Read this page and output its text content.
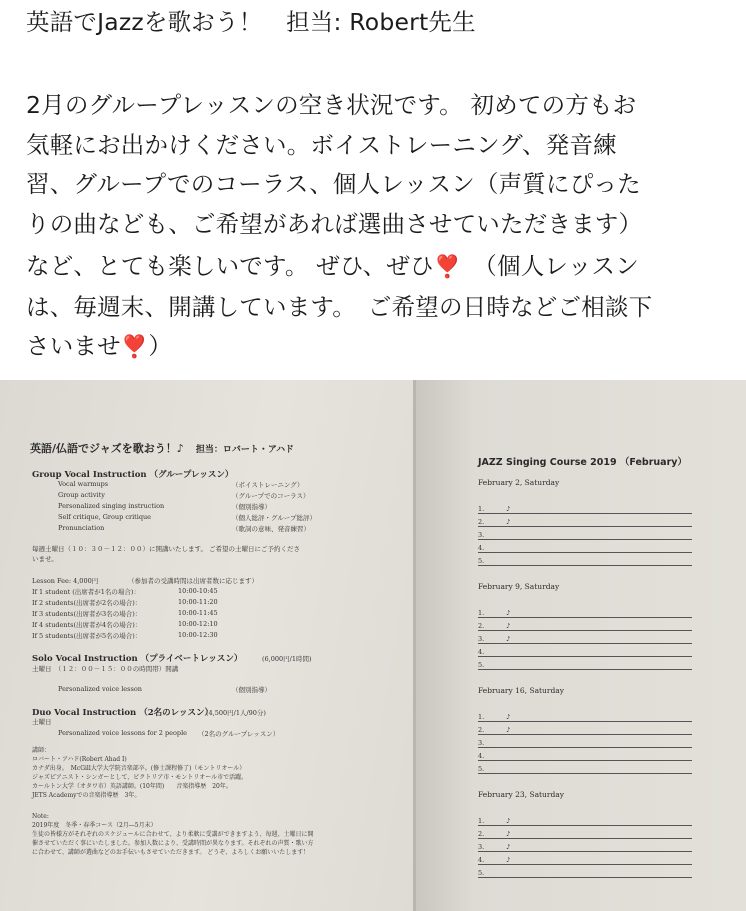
英語でJazzを歌おう！　担当: Robert先生

2月のグループレッスンの空き状況です。 初めての方もお

気軽にお出かけください。ボイストレーニング、発音練

習、グループでのコーラス、個人レッスン（声質にぴった

りの曲なども、ご希望があれば選曲させていただきます）

など、とても楽しいです。 ぜひ、ぜひ❣️　（個人レッスン

は、毎週末、開講しています。　ご希望の日時などご相談下

さいませ❣️）

英語/仏語でジャズを歌おう！♪ 担当：ロバート・アハド
Group Vocal Instruction （グループレッスン）
Vocal warmups	（ボイストレーニング）
Group activity	（グループでのコーラス）
Personalized singing instruction	（個別指導）
Self critique, Group critique	（個人総評・グループ総評）
Pronunciation	（歌詞の意味、発音練習）
毎週土曜日（１０：３０－１２：００）に開講いたします。 ご希望の土曜日にご予約くださ
いませ。
Lesson Fee: 4,000円	（参加者の受講時間は出席者数に応じます）
If 1 student (出席者が1名の場合)：	10:00-10:45
If 2 students(出席者が2名の場合)：	10:00-11:20
If 3 students(出席者が3名の場合)：	10:00-11:45
If 4 students(出席者が4名の場合)：	10:00-12:10
If 5 students(出席者が5名の場合)：	10:00-12:30
Solo Vocal Instruction （プライベートレッスン）	(6,000円/1時間)
土曜日　（１２：００－１５：００の時間帯）開講
Personalized voice lesson	（個別指導）
Duo Vocal Instruction （2名のレッスン）
(4,500円/1人/90分)
土曜日
Personalized voice lessons for 2 people （2名のグループレッスン）
講師：
ロバート・アハド(Robert Ahad I)
カナダ出身。　McGill大学大学院音楽部卒。(修士課程修了)（モントリオール）
ジャズピアニスト・シンガーとして、ビクトリア市・モントリオール市で活躍。
カールトン大学（オタワ市）英語講師。(10年間)　　音楽指導歴　20年。
JETS Academyでの音楽指導歴　3年。
Note:
2019年度　冬季・春季コース（2月―5月末）
生徒の皆様方がそれぞれのスケジュールに合わせて、より柔軟に受講ができますよう、毎週、土曜日に開
催させていただく事にいたしました。参加人数により、受講時間が異なります。それぞれの声質・歌い方
に合わせて、講師が選曲などのお手伝いもさせていただきます。 どうぞ、よろしくお願いいたします！
JAZZ Singing Course 2019 （February）
February 2, Saturday
1.	♪
2.	♪
3.
4.
5.
February 9, Saturday
1.	♪
2.	♪
3.	♪
4.
5.
February 16, Saturday
1.	♪
2.	♪
3.
4.
5.
February 23, Saturday
1.	♪
2.	♪
3.	♪
4.	♪
5.
